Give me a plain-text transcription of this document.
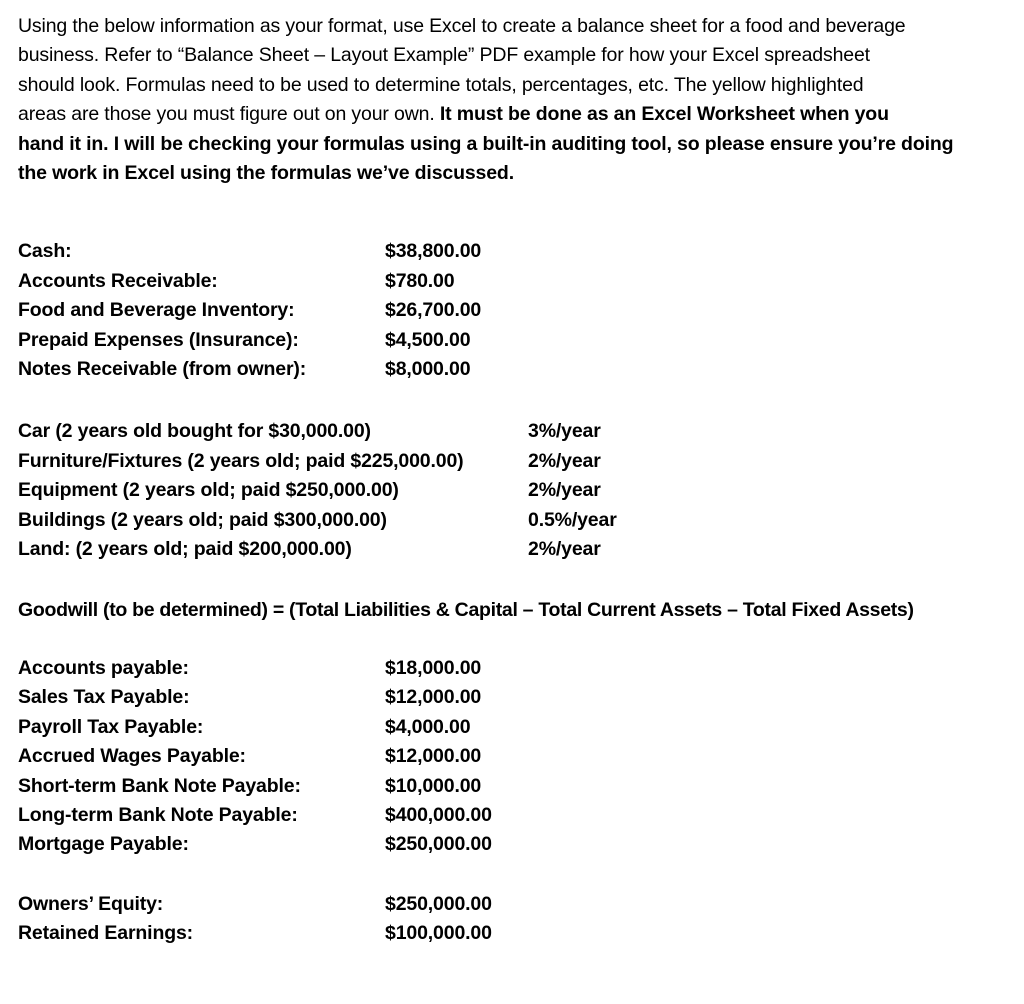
Using the below information as your format, use Excel to create a balance sheet for a food and beverage
business. Refer to “Balance Sheet – Layout Example” PDF example for how your Excel spreadsheet
should look. Formulas need to be used to determine totals, percentages, etc. The yellow highlighted
areas are those you must figure out on your own. It must be done as an Excel Worksheet when you
hand it in. I will be checking your formulas using a built-in auditing tool, so please ensure you’re doing
the work in Excel using the formulas we’ve discussed.
Cash:	$38,800.00
Accounts Receivable:	$780.00
Food and Beverage Inventory:	$26,700.00
Prepaid Expenses (Insurance):	$4,500.00
Notes Receivable (from owner):	$8,000.00
Car (2 years old bought for $30,000.00)	3%/year
Furniture/Fixtures (2 years old; paid $225,000.00)	2%/year
Equipment (2 years old; paid $250,000.00)	2%/year
Buildings (2 years old; paid $300,000.00)	0.5%/year
Land: (2 years old; paid $200,000.00)	2%/year
Goodwill (to be determined) = (Total Liabilities & Capital – Total Current Assets – Total Fixed Assets)
Accounts payable:	$18,000.00
Sales Tax Payable:	$12,000.00
Payroll Tax Payable:	$4,000.00
Accrued Wages Payable:	$12,000.00
Short-term Bank Note Payable:	$10,000.00
Long-term Bank Note Payable:	$400,000.00
Mortgage Payable:	$250,000.00
Owners’ Equity:	$250,000.00
Retained Earnings:	$100,000.00
